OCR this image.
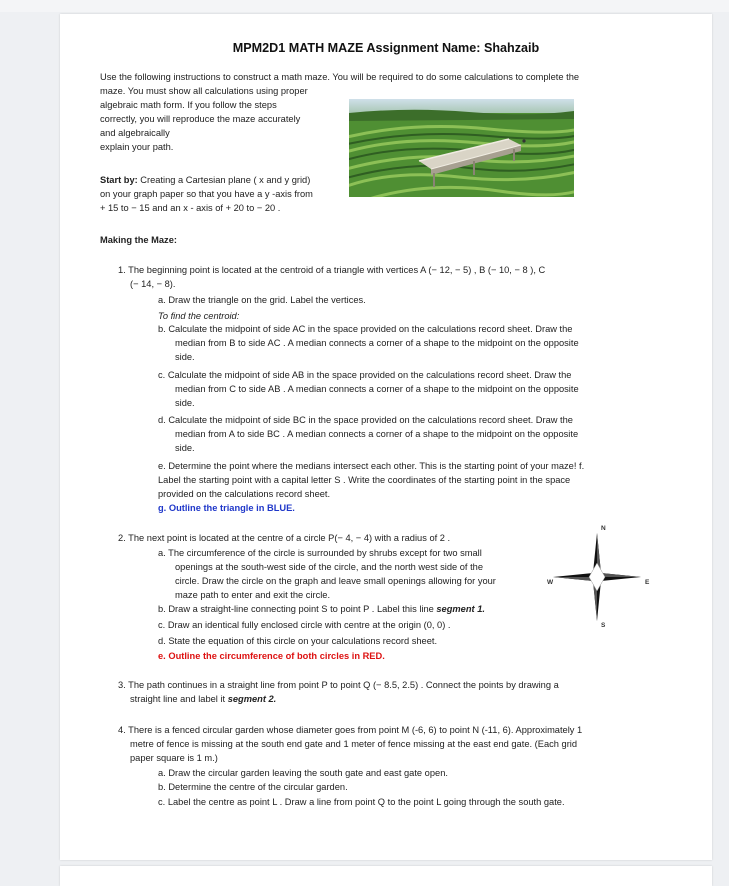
MPM2D1 MATH MAZE Assignment Name: Shahzaib
Use the following instructions to construct a math maze. You will be required to do some calculations to complete the
maze. You must show all calculations using proper
algebraic math form. If you follow the steps
correctly, you will reproduce the maze accurately
and algebraically
explain your path.
Start by: Creating a Cartesian plane ( x and y grid)
on your graph paper so that you have a y -axis from
+ 15 to − 15 and an x - axis of + 20 to − 20 .
Making the Maze:
1. The beginning point is located at the centroid of a triangle with vertices A (− 12, − 5) , B (− 10, − 8 ), C
(− 14, − 8).
a. Draw the triangle on the grid. Label the vertices.
To find the centroid:
b. Calculate the midpoint of side AC in the space provided on the calculations record sheet. Draw the
median from B to side AC . A median connects a corner of a shape to the midpoint on the opposite
side.
c. Calculate the midpoint of side AB in the space provided on the calculations record sheet. Draw the
median from C to side AB . A median connects a corner of a shape to the midpoint on the opposite
side.
d. Calculate the midpoint of side BC in the space provided on the calculations record sheet. Draw the
median from A to side BC . A median connects a corner of a shape to the midpoint on the opposite
side.
e. Determine the point where the medians intersect each other. This is the starting point of your maze! f.
Label the starting point with a capital letter S . Write the coordinates of the starting point in the space
provided on the calculations record sheet.
g. Outline the triangle in BLUE.
2. The next point is located at the centre of a circle P(− 4, − 4) with a radius of 2 .
a. The circumference of the circle is surrounded by shrubs except for two small
openings at the south-west side of the circle, and the north west side of the
circle. Draw the circle on the graph and leave small openings allowing for your
maze path to enter and exit the circle.
b. Draw a straight-line connecting point S to point P . Label this line segment 1.
c. Draw an identical fully enclosed circle with centre at the origin (0, 0) .
d. State the equation of this circle on your calculations record sheet.
e. Outline the circumference of both circles in RED.
N
S
W	E
3. The path continues in a straight line from point P to point Q (− 8.5, 2.5) . Connect the points by drawing a
straight line and label it segment 2.
4. There is a fenced circular garden whose diameter goes from point M (-6, 6) to point N (-11, 6). Approximately 1
metre of fence is missing at the south end gate and 1 meter of fence missing at the east end gate. (Each grid
paper square is 1 m.)
a. Draw the circular garden leaving the south gate and east gate open.
b. Determine the centre of the circular garden.
c. Label the centre as point L . Draw a line from point Q to the point L going through the south gate.
